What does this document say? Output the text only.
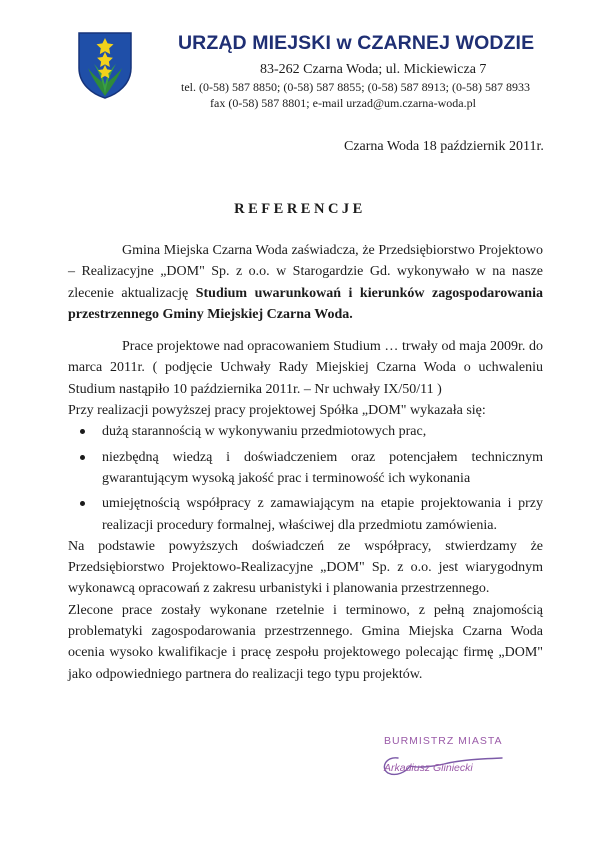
URZĄD MIEJSKI w CZARNEJ WODZIE
83-262 Czarna Woda; ul. Mickiewicza 7
tel. (0-58) 587 8850; (0-58) 587 8855; (0-58) 587 8913; (0-58) 587 8933
fax (0-58) 587 8801; e-mail urzad@um.czarna-woda.pl
Czarna Woda 18 październik 2011r.
REFERENCJE

Gmina Miejska Czarna Woda zaświadcza, że Przedsiębiorstwo Projektowo – Realizacyjne „DOM" Sp. z o.o. w Starogardzie Gd. wykonywało w na nasze zlecenie aktualizację Studium uwarunkowań i kierunków zagospodarowania przestrzennego Gminy Miejskiej Czarna Woda.

Prace projektowe nad opracowaniem Studium … trwały od maja 2009r. do marca 2011r. ( podjęcie Uchwały Rady Miejskiej Czarna Woda o uchwaleniu Studium nastąpiło 10 października 2011r. – Nr uchwały IX/50/11 )

Przy realizacji powyższej pracy projektowej Spółka „DOM" wykazała się:

dużą starannością w wykonywaniu przedmiotowych prac,
niezbędną wiedzą i doświadczeniem oraz potencjałem technicznym gwarantującym wysoką jakość prac i terminowość ich wykonania
umiejętnością współpracy z zamawiającym na etapie projektowania i przy realizacji procedury formalnej, właściwej dla przedmiotu zamówienia.

Na podstawie powyższych doświadczeń ze współpracy, stwierdzamy że Przedsiębiorstwo Projektowo-Realizacyjne „DOM" Sp. z o.o. jest wiarygodnym wykonawcą opracowań z zakresu urbanistyki i planowania przestrzennego.

Zlecone prace zostały wykonane rzetelnie i terminowo, z pełną znajomością problematyki zagospodarowania przestrzennego. Gmina Miejska Czarna Woda ocenia wysoko kwalifikacje i pracę zespołu projektowego polecając firmę „DOM" jako odpowiedniego partnera do realizacji tego typu projektów.

BURMISTRZ MIASTA
Arkadiusz Gliniecki
